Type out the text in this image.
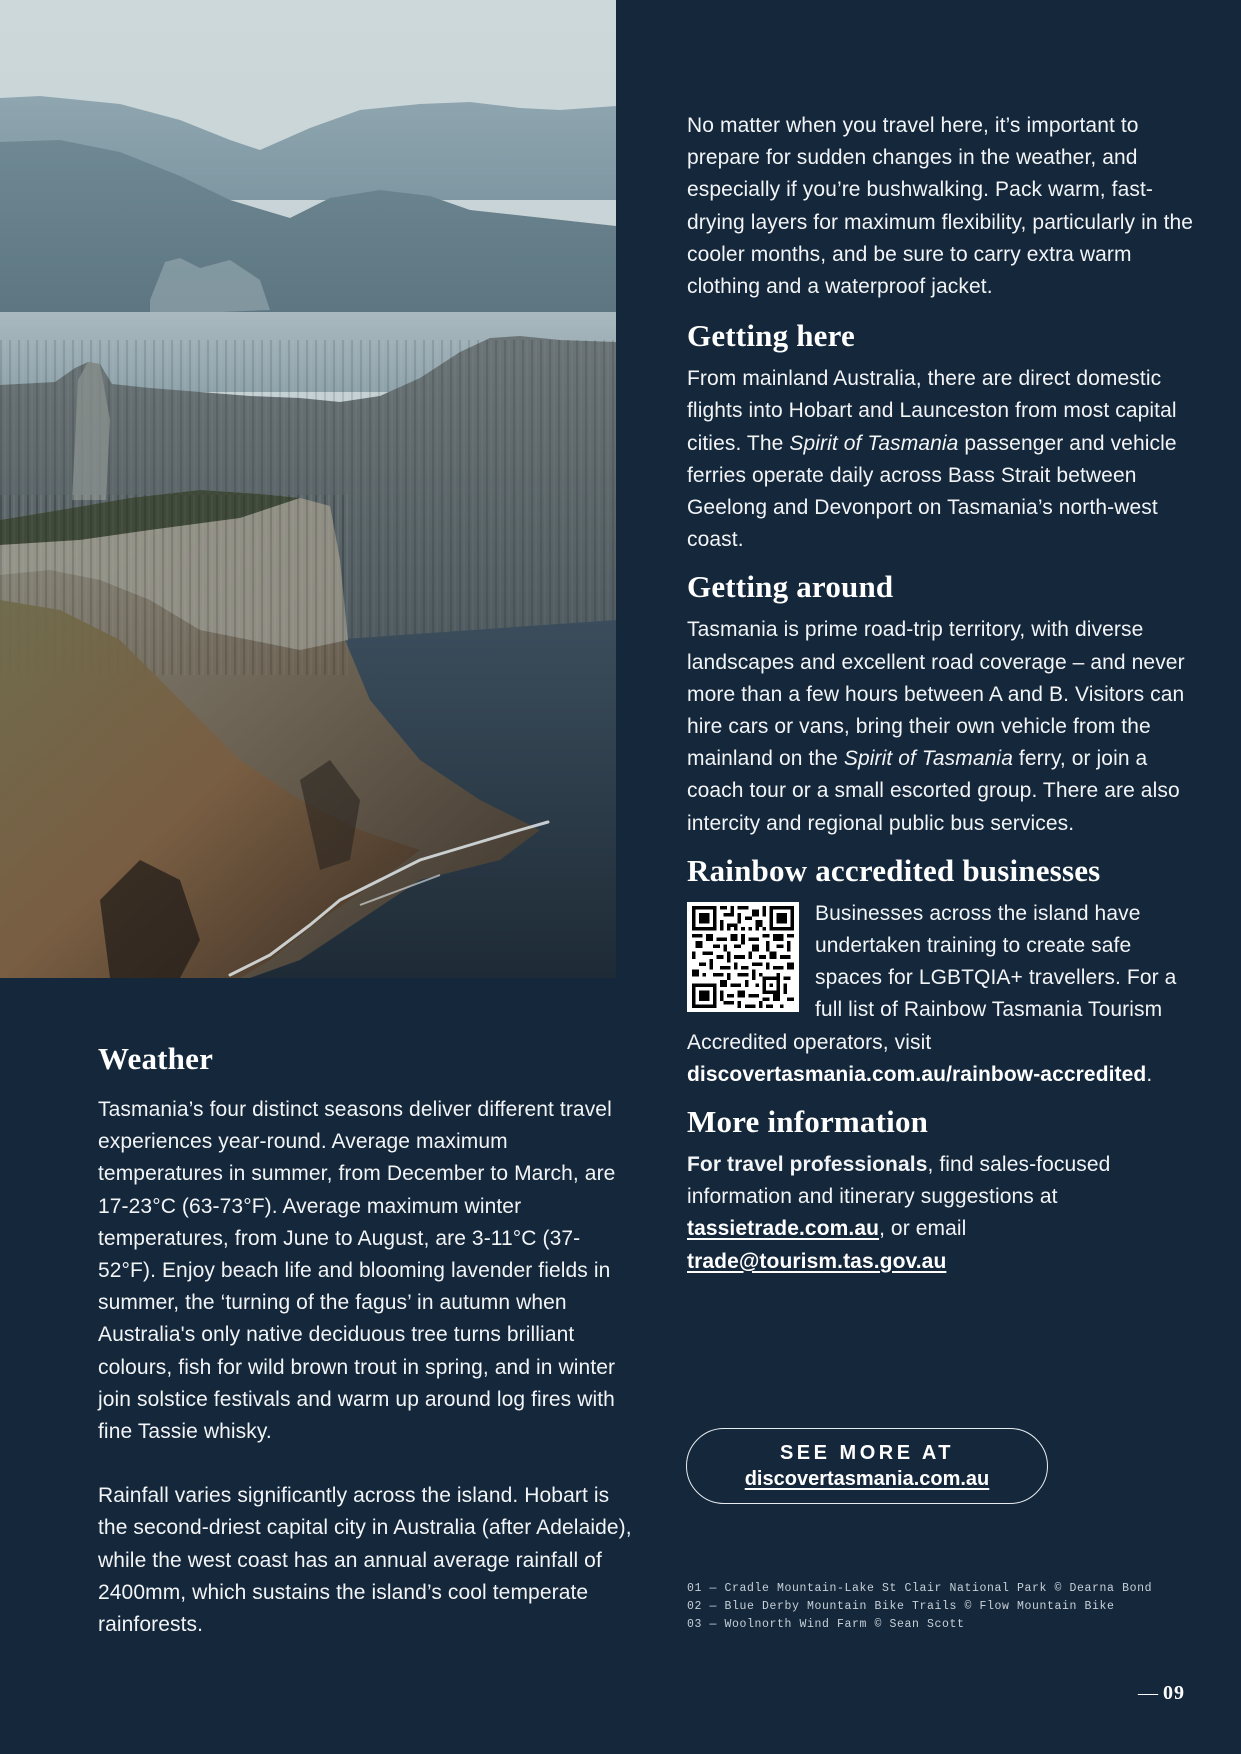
No matter when you travel here, it’s important to prepare for sudden changes in the weather, and especially if you’re bushwalking. Pack warm, fast-drying layers for maximum flexibility, particularly in the cooler months, and be sure to carry extra warm clothing and a waterproof jacket.

Getting here

From mainland Australia, there are direct domestic flights into Hobart and Launceston from most capital cities. The Spirit of Tasmania passenger and vehicle ferries operate daily across Bass Strait between Geelong and Devonport on Tasmania’s north-west coast.

Getting around

Tasmania is prime road-trip territory, with diverse landscapes and excellent road coverage – and never more than a few hours between A and B. Visitors can hire cars or vans, bring their own vehicle from the mainland on the Spirit of Tasmania ferry, or join a coach tour or a small escorted group. There are also intercity and regional public bus services.

Rainbow accredited businesses

Businesses across the island have undertaken training to create safe spaces for LGBTQIA+ travellers. For a full list of Rainbow Tasmania Tourism Accredited operators, visit discovertasmania.com.au/rainbow-accredited.

More information

For travel professionals, find sales-focused information and itinerary suggestions at tassietrade.com.au, or email
trade@tourism.tas.gov.au

SEE MORE AT
discovertasmania.com.au
01 — Cradle Mountain-Lake St Clair National Park © Dearna Bond
02 — Blue Derby Mountain Bike Trails © Flow Mountain Bike
03 — Woolnorth Wind Farm © Sean Scott
Weather

Tasmania’s four distinct seasons deliver different travel experiences year-round. Average maximum temperatures in summer, from December to March, are 17-23°C (63-73°F). Average maximum winter temperatures, from June to August, are 3-11°C (37-52°F). Enjoy beach life and blooming lavender fields in summer, the ‘turning of the fagus’ in autumn when Australia's only native deciduous tree turns brilliant colours, fish for wild brown trout in spring, and in winter join solstice festivals and warm up around log fires with fine Tassie whisky.

Rainfall varies significantly across the island. Hobart is the second-driest capital city in Australia (after Adelaide), while the west coast has an annual average rainfall of 2400mm, which sustains the island’s cool temperate rainforests.

— 09
